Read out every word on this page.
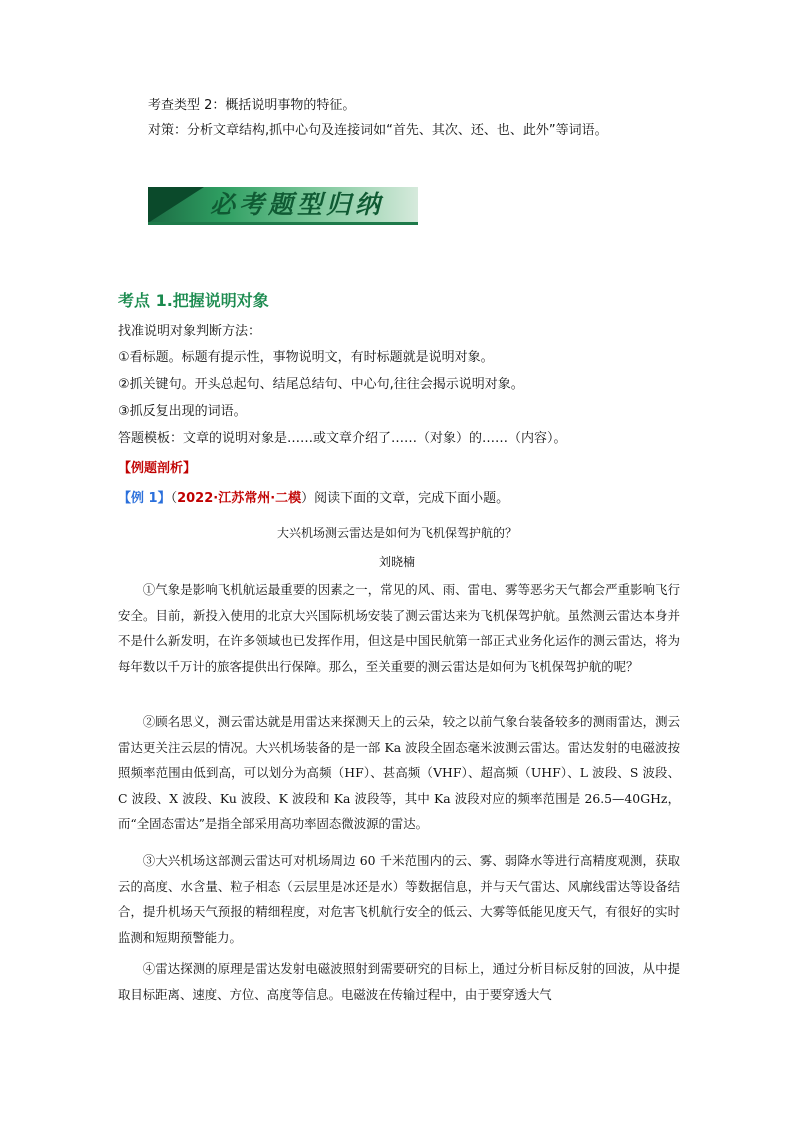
考查类型 2：概括说明事物的特征。
对策：分析文章结构,抓中心句及连接词如“首先、其次、还、也、此外”等词语。
必考题型归纳
考点 1.把握说明对象
找准说明对象判断方法：
①看标题。标题有提示性，事物说明文，有时标题就是说明对象。
②抓关键句。开头总起句、结尾总结句、中心句,往往会揭示说明对象。
③抓反复出现的词语。
答题模板：文章的说明对象是……或文章介绍了……（对象）的……（内容）。
【例题剖析】
【例 1】（2022·江苏常州·二模）阅读下面的文章，完成下面小题。
大兴机场测云雷达是如何为飞机保驾护航的？
刘晓楠
①气象是影响飞机航运最重要的因素之一，常见的风、雨、雷电、雾等恶劣天气都会严重影响飞行安全。目前，新投入使用的北京大兴国际机场安装了测云雷达来为飞机保驾护航。虽然测云雷达本身并不是什么新发明，在许多领域也已发挥作用，但这是中国民航第一部正式业务化运作的测云雷达，将为每年数以千万计的旅客提供出行保障。那么，至关重要的测云雷达是如何为飞机保驾护航的呢？
②顾名思义，测云雷达就是用雷达来探测天上的云朵，较之以前气象台装备较多的测雨雷达，测云雷达更关注云层的情况。大兴机场装备的是一部 Ka 波段全固态毫米波测云雷达。雷达发射的电磁波按照频率范围由低到高，可以划分为高频（HF）、甚高频（VHF）、超高频（UHF）、L 波段、S 波段、C 波段、X 波段、Ku 波段、K 波段和 Ka 波段等，其中 Ka 波段对应的频率范围是 26.5—40GHz，而“全固态雷达”是指全部采用高功率固态微波源的雷达。
③大兴机场这部测云雷达可对机场周边 60 千米范围内的云、雾、弱降水等进行高精度观测，获取云的高度、水含量、粒子相态（云层里是冰还是水）等数据信息，并与天气雷达、风廓线雷达等设备结合，提升机场天气预报的精细程度，对危害飞机航行安全的低云、大雾等低能见度天气，有很好的实时监测和短期预警能力。
④雷达探测的原理是雷达发射电磁波照射到需要研究的目标上，通过分析目标反射的回波，从中提取目标距离、速度、方位、高度等信息。电磁波在传输过程中，由于要穿透大气
